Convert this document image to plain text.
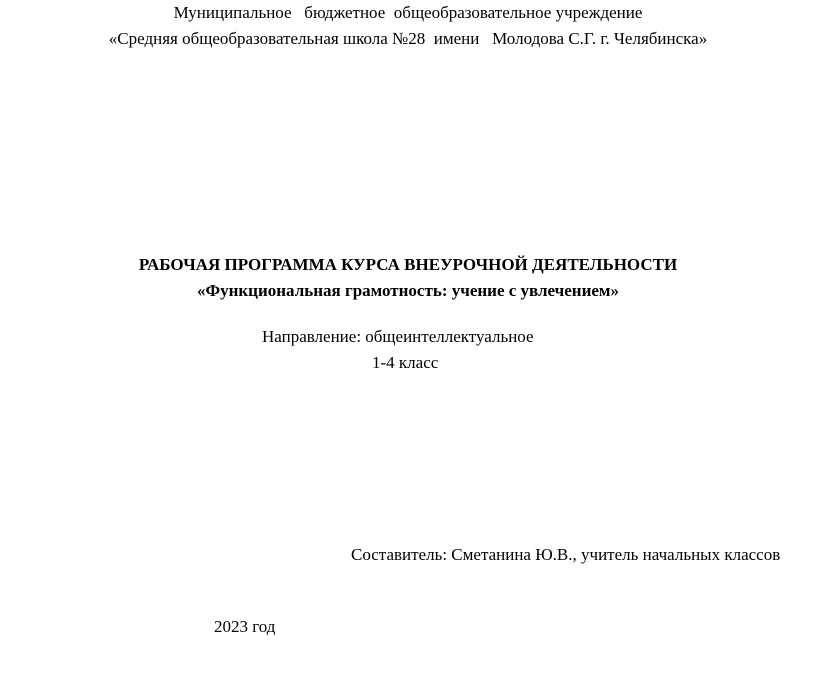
Муниципальное   бюджетное  общеобразовательное учреждение
«Средняя общеобразовательная школа №28  имени   Молодова С.Г. г. Челябинска»
РАБОЧАЯ ПРОГРАММА КУРСА ВНЕУРОЧНОЙ ДЕЯТЕЛЬНОСТИ
«Функциональная грамотность: учение с увлечением»
Направление: общеинтеллектуальное
1-4 класс
Составитель: Сметанина Ю.В., учитель начальных классов
2023 год
